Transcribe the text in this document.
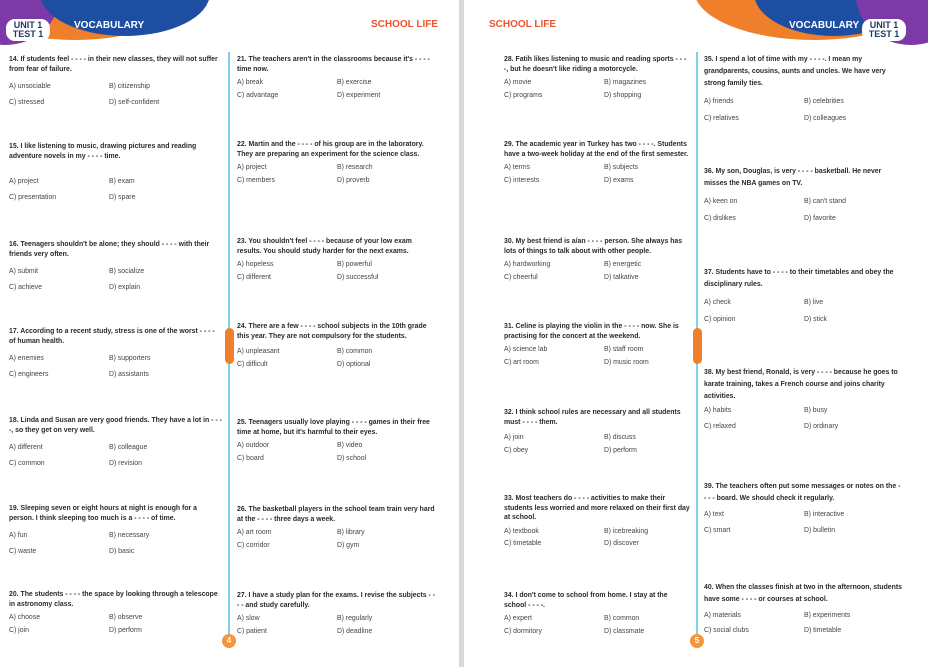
UNIT 1
TEST 1
VOCABULARY	SCHOOL LIFE
4
14. If students feel - - - - in their new classes, they will not suffer from fear of failure.
A) unsociable	B) citizenship
C) stressed	D) self-confident
15. I like listening to music, drawing pictures and reading adventure novels in my - - - - time.
A) project	B) exam
C) presentation	D) spare
16. Teenagers shouldn't be alone; they should - - - - with their friends very often.
A) submit	B) socialize
C) achieve	D) explain
17. According to a recent study, stress is one of the worst - - - - of human health.
A) enemies	B) supporters
C) engineers	D) assistants
18. Linda and Susan are very good friends. They have a lot in - - - -, so they get on very well.
A) different	B) colleague
C) common	D) revision
19. Sleeping seven or eight hours at night is enough for a person. I think sleeping too much is a - - - - of time.
A) fun	B) necessary
C) waste	D) basic
20. The students - - - - the space by looking through a telescope in astronomy class.
A) choose	B) observe
C) join	D) perform
21. The teachers aren't in the classrooms because it's - - - - time now.
A) break	B) exercise
C) advantage	D) experiment
22. Martin and the - - - - of his group are in the laboratory. They are preparing an experiment for the science class.
A) project	B) research
C) members	D) proverb
23. You shouldn't feel - - - - because of your low exam results. You should study harder for the next exams.
A) hopeless	B) powerful
C) different	D) successful
24. There are a few - - - - school subjects in the 10th grade this year. They are not compulsory for the students.
A) unpleasant	B) common
C) difficult	D) optional
25. Teenagers usually love playing - - - - games in their free time at home, but it's harmful to their eyes.
A) outdoor	B) video
C) board	D) school
26. The basketball players in the school team train very hard at the - - - - three days a week.
A) art room	B) library
C) corridor	D) gym
27. I have a study plan for the exams. I revise the subjects - - - - and study carefully.
A) slow	B) regularly
C) patient	D) deadline
VOCABULARY	UNIT 1
TEST 1
SCHOOL LIFE
5
28. Fatih likes listening to music and reading sports - - - -, but he doesn't like riding a motorcycle.
A) movie	B) magazines
C) programs	D) shopping
29. The academic year in Turkey has two - - - -. Students have a two-week holiday at the end of the first semester.
A) terms	B) subjects
C) interests	D) exams
30. My best friend is a/an - - - - person. She always has lots of things to talk about with other people.
A) hardworking	B) energetic
C) cheerful	D) talkative
31. Celine is playing the violin in the - - - - now. She is practising for the concert at the weekend.
A) science lab	B) staff room
C) art room	D) music room
32. I think school rules are necessary and all students must - - - - them.
A) join	B) discuss
C) obey	D) perform
33. Most teachers do - - - - activities to make their students less worried and more relaxed on their first day at school.
A) textbook	B) icebreaking
C) timetable	D) discover
34. I don't come to school from home. I stay at the school - - - -.
A) expert	B) common
C) dormitory	D) classmate
35. I spend a lot of time with my - - - -. I mean my grandparents, cousins, aunts and uncles. We have very strong family ties.
A) friends	B) celebrities
C) relatives	D) colleagues
36. My son, Douglas, is very - - - - basketball. He never misses the NBA games on TV.
A) keen on	B) can't stand
C) dislikes	D) favorite
37. Students have to - - - - to their timetables and obey the disciplinary rules.
A) check	B) live
C) opinion	D) stick
38. My best friend, Ronald, is very - - - - because he goes to karate training, takes a French course and joins charity activities.
A) habits	B) busy
C) relaxed	D) ordinary
39. The teachers often put some messages or notes on the - - - - board. We should check it regularly.
A) text	B) interactive
C) smart	D) bulletin
40. When the classes finish at two in the afternoon, students have some - - - - or courses at school.
A) materials	B) experiments
C) social clubs	D) timetable
